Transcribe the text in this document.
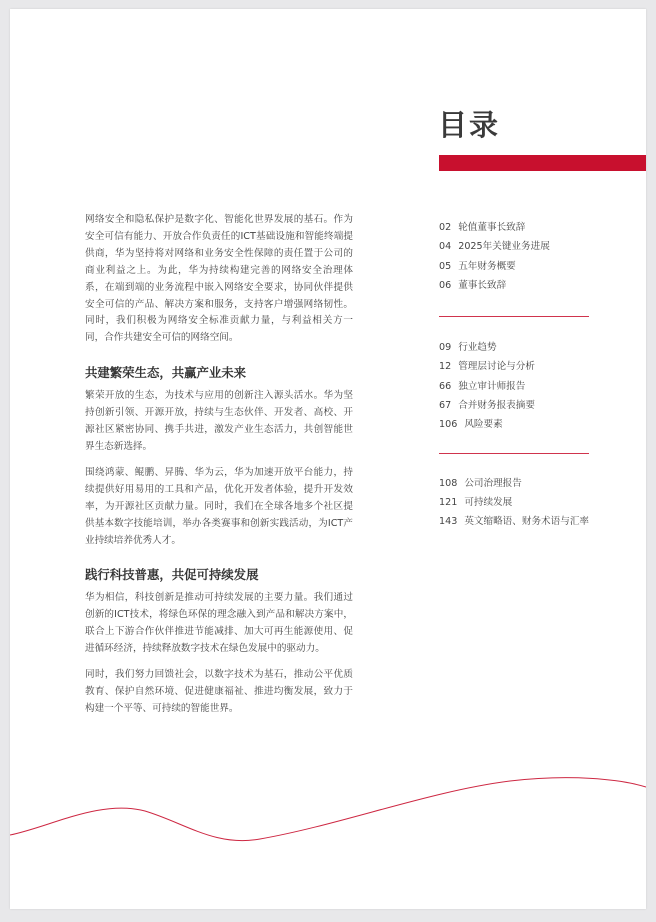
目录

网络安全和隐私保护是数字化、智能化世界发展的基石。作为安全可信有能力、开放合作负责任的ICT基础设施和智能终端提供商，华为坚持将对网络和业务安全性保障的责任置于公司的商业利益之上。为此，华为持续构建完善的网络安全治理体系，在端到端的业务流程中嵌入网络安全要求，协同伙伴提供安全可信的产品、解决方案和服务，支持客户增强网络韧性。同时，我们积极为网络安全标准贡献力量，与利益相关方一同，合作共建安全可信的网络空间。

共建繁荣生态，共赢产业未来

繁荣开放的生态，为技术与应用的创新注入源头活水。华为坚持创新引领、开源开放，持续与生态伙伴、开发者、高校、开源社区紧密协同、携手共进，激发产业生态活力，共创智能世界生态新选择。

围绕鸿蒙、鲲鹏、昇腾、华为云，华为加速开放平台能力，持续提供好用易用的工具和产品，优化开发者体验，提升开发效率，为开源社区贡献力量。同时，我们在全球各地多个社区提供基本数字技能培训，举办各类赛事和创新实践活动，为ICT产业持续培养优秀人才。

践行科技普惠，共促可持续发展

华为相信，科技创新是推动可持续发展的主要力量。我们通过创新的ICT技术，将绿色环保的理念融入到产品和解决方案中，联合上下游合作伙伴推进节能减排、加大可再生能源使用、促进循环经济，持续释放数字技术在绿色发展中的驱动力。

同时，我们努力回馈社会，以数字技术为基石，推动公平优质教育、保护自然环境、促进健康福祉、推进均衡发展，致力于构建一个平等、可持续的智能世界。

02 轮值董事长致辞
04 2025年关键业务进展
05 五年财务概要
06 董事长致辞
09 行业趋势
12 管理层讨论与分析
66 独立审计师报告
67 合并财务报表摘要
106 风险要素
108 公司治理报告
121 可持续发展
143 英文缩略语、财务术语与汇率
